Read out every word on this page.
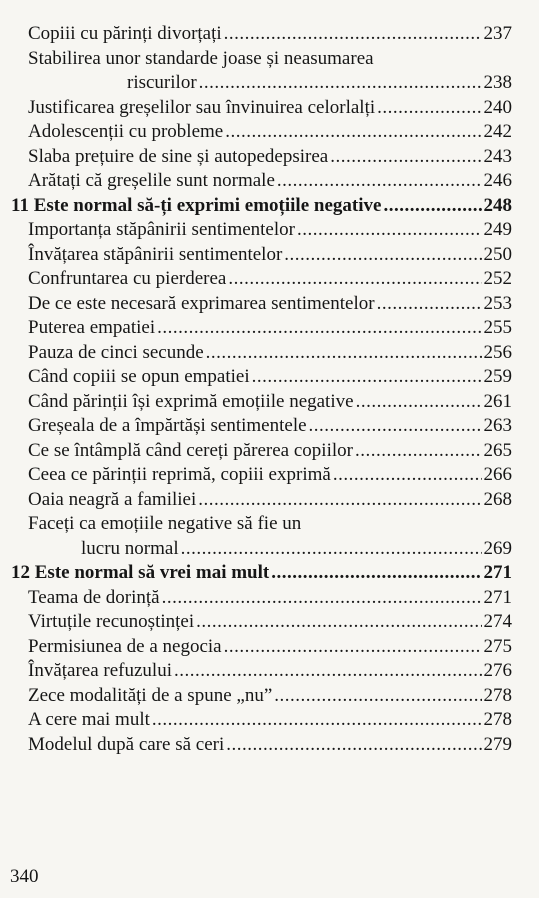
Copiii cu părinți divorțați .....	237
Stabilirea unor standarde joase și neasumarea
riscurilor .....	238
Justificarea greșelilor sau învinuirea celorlalți .....	240
Adolescenții cu probleme .....	242
Slaba prețuire de sine și autopedepsirea .....	243
Arătați că greșelile sunt normale .....	246
11 Este normal să-ți exprimi emoțiile negative .....	248
Importanța stăpânirii sentimentelor .....	249
Învățarea stăpânirii sentimentelor .....	250
Confruntarea cu pierderea .....	252
De ce este necesară exprimarea sentimentelor .....	253
Puterea empatiei .....	255
Pauza de cinci secunde .....	256
Când copiii se opun empatiei .....	259
Când părinții își exprimă emoțiile negative .....	261
Greșeala de a împărtăși sentimentele .....	263
Ce se întâmplă când cereți părerea copiilor .....	265
Ceea ce părinții reprimă, copiii exprimă .....	266
Oaia neagră a familiei .....	268
Faceți ca emoțiile negative să fie un
lucru normal .....	269
12 Este normal să vrei mai mult .....	271
Teama de dorință .....	271
Virtuțile recunoștinței .....	274
Permisiunea de a negocia .....	275
Învățarea refuzului .....	276
Zece modalități de a spune „nu” .....	278
A cere mai mult .....	278
Modelul după care să ceri .....	279
340
